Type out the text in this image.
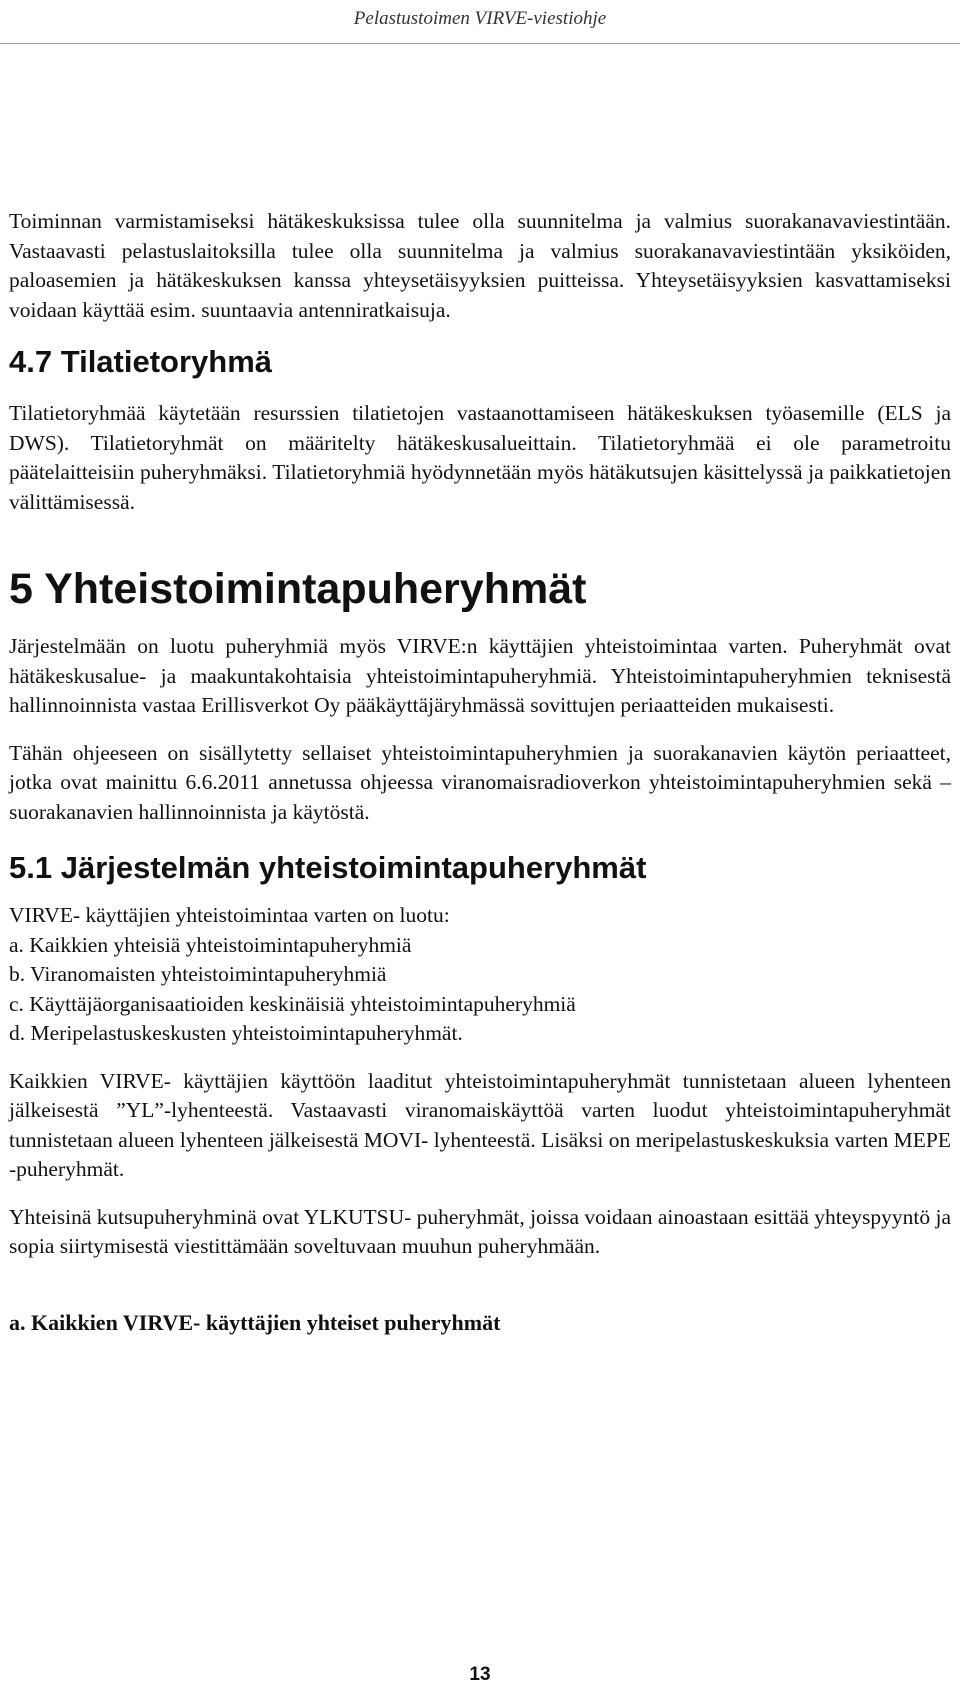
Pelastustoimen VIRVE-viestiohje

Toiminnan varmistamiseksi hätäkeskuksissa tulee olla suunnitelma ja valmius suorakanavaviestintään. Vastaavasti pelastuslaitoksilla tulee olla suunnitelma ja valmius suorakanavaviestintään yksiköiden, paloasemien ja hätäkeskuksen kanssa yhteysetäisyyksien puitteissa. Yhteysetäisyyksien kasvattamiseksi voidaan käyttää esim. suuntaavia antenniratkaisuja.

4.7 Tilatietoryhmä

Tilatietoryhmää käytetään resurssien tilatietojen vastaanottamiseen hätäkeskuksen työasemille (ELS ja DWS). Tilatietoryhmät on määritelty hätäkeskusalueittain. Tilatietoryhmää ei ole parametroitu päätelaitteisiin puheryhmäksi. Tilatietoryhmiä hyödynnetään myös hätäkutsujen käsittelyssä ja paikkatietojen välittämisessä.

5 Yhteistoimintapuheryhmät

Järjestelmään on luotu puheryhmiä myös VIRVE:n käyttäjien yhteistoimintaa varten. Puheryhmät ovat hätäkeskusalue- ja maakuntakohtaisia yhteistoimintapuheryhmiä. Yhteistoimintapuheryhmien teknisestä hallinnoinnista vastaa Erillisverkot Oy pääkäyttäjäryhmässä sovittujen periaatteiden mukaisesti.

Tähän ohjeeseen on sisällytetty sellaiset yhteistoimintapuheryhmien ja suorakanavien käytön periaatteet, jotka ovat mainittu 6.6.2011 annetussa ohjeessa viranomaisradioverkon yhteistoimintapuheryhmien sekä –suorakanavien hallinnoinnista ja käytöstä.

5.1 Järjestelmän yhteistoimintapuheryhmät

VIRVE- käyttäjien yhteistoimintaa varten on luotu:

a. Kaikkien yhteisiä yhteistoimintapuheryhmiä

b. Viranomaisten yhteistoimintapuheryhmiä

c. Käyttäjäorganisaatioiden keskinäisiä yhteistoimintapuheryhmiä

d. Meripelastuskeskusten yhteistoimintapuheryhmät.

Kaikkien VIRVE- käyttäjien käyttöön laaditut yhteistoimintapuheryhmät tunnistetaan alueen lyhenteen jälkeisestä ”YL”-lyhenteestä. Vastaavasti viranomaiskäyttöä varten luodut yhteistoimintapuheryhmät tunnistetaan alueen lyhenteen jälkeisestä MOVI- lyhenteestä. Lisäksi on meripelastuskeskuksia varten MEPE -puheryhmät.

Yhteisinä kutsupuheryhminä ovat YLKUTSU- puheryhmät, joissa voidaan ainoastaan esittää yhteyspyyntö ja sopia siirtymisestä viestittämään soveltuvaan muuhun puheryhmään.

a. Kaikkien VIRVE- käyttäjien yhteiset puheryhmät
13
